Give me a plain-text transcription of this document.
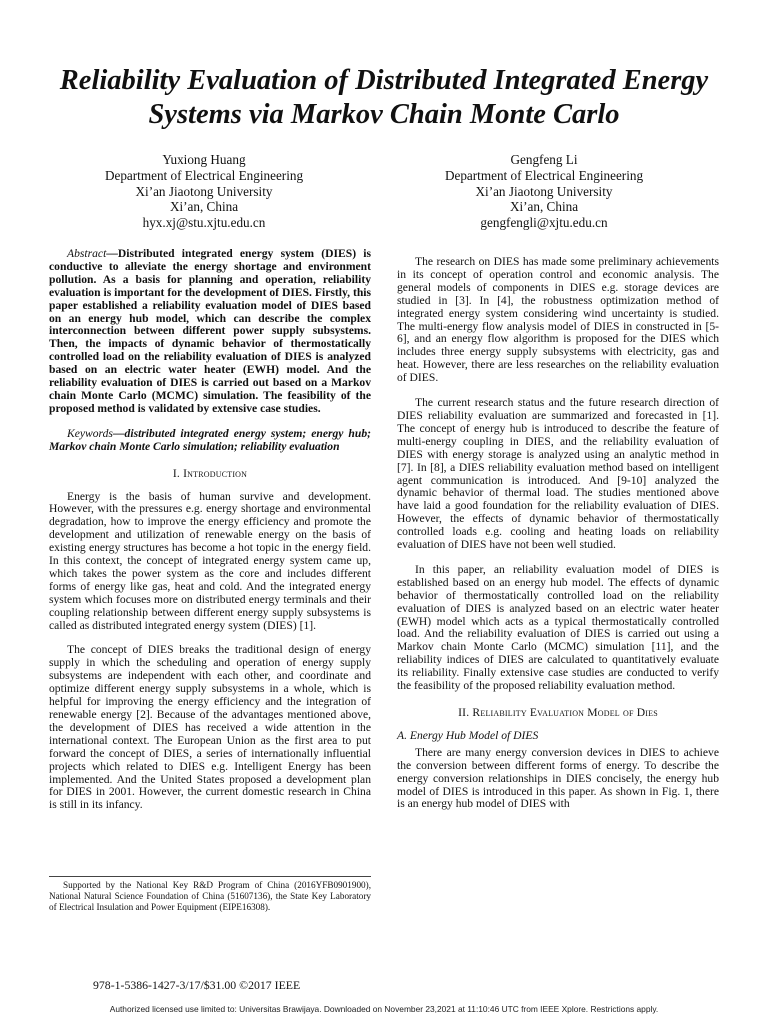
Reliability Evaluation of Distributed Integrated Energy Systems via Markov Chain Monte Carlo
Yuxiong Huang
Department of Electrical Engineering
Xi’an Jiaotong University
Xi’an, China
hyx.xj@stu.xjtu.edu.cn
Gengfeng Li
Department of Electrical Engineering
Xi’an Jiaotong University
Xi’an, China
gengfengli@xjtu.edu.cn

Abstract—Distributed integrated energy system (DIES) is conductive to alleviate the energy shortage and environment pollution. As a basis for planning and operation, reliability evaluation is important for the development of DIES. Firstly, this paper established a reliability evaluation model of DIES based on an energy hub model, which can describe the complex interconnection between different power supply subsystems. Then, the impacts of dynamic behavior of thermostatically controlled load on the reliability evaluation of DIES is analyzed based on an electric water heater (EWH) model. And the reliability evaluation of DIES is carried out based on a Markov chain Monte Carlo (MCMC) simulation. The feasibility of the proposed method is validated by extensive case studies.

Keywords—distributed integrated energy system; energy hub; Markov chain Monte Carlo simulation; reliability evaluation

I. Introduction

Energy is the basis of human survive and development. However, with the pressures e.g. energy shortage and environmental degradation, how to improve the energy efficiency and promote the development and utilization of renewable energy on the basis of existing energy structures has become a hot topic in the energy field. In this context, the concept of integrated energy system came up, which takes the power system as the core and includes different forms of energy like gas, heat and cold. And the integrated energy system which focuses more on distributed energy terminals and their coupling relationship between different energy supply subsystems is called as distributed integrated energy system (DIES) [1].

The concept of DIES breaks the traditional design of energy supply in which the scheduling and operation of energy supply subsystems are independent with each other, and coordinate and optimize different energy supply subsystems in a whole, which is helpful for improving the energy efficiency and the integration of renewable energy [2]. Because of the advantages mentioned above, the development of DIES has received a wide attention in the international context. The European Union as the first area to put forward the concept of DIES, a series of internationally influential projects which related to DIES e.g. Intelligent Energy has been implemented. And the United States proposed a development plan for DIES in 2001. However, the current domestic research in China is still in its infancy.

The research on DIES has made some preliminary achievements in its concept of operation control and economic analysis. The general models of components in DIES e.g. storage devices are studied in [3]. In [4], the robustness optimization method of integrated energy system considering wind uncertainty is studied. The multi-energy flow analysis model of DIES in constructed in [5-6], and an energy flow algorithm is proposed for the DIES which includes three energy supply subsystems with electricity, gas and heat. However, there are less researches on the reliability evaluation of DIES.

The current research status and the future research direction of DIES reliability evaluation are summarized and forecasted in [1]. The concept of energy hub is introduced to describe the feature of multi-energy coupling in DIES, and the reliability evaluation of DIES with energy storage is analyzed using an analytic method in [7]. In [8], a DIES reliability evaluation method based on intelligent agent communication is introduced. And [9-10] analyzed the dynamic behavior of thermal load. The studies mentioned above have laid a good foundation for the reliability evaluation of DIES. However, the effects of dynamic behavior of thermostatically controlled loads e.g. cooling and heating loads on reliability evaluation of DIES have not been well studied.

In this paper, an reliability evaluation model of DIES is established based on an energy hub model. The effects of dynamic behavior of thermostatically controlled load on the reliability evaluation of DIES is analyzed based on an electric water heater (EWH) model which acts as a typical thermostatically controlled load. And the reliability evaluation of DIES is carried out using a Markov chain Monte Carlo (MCMC) simulation [11], and the reliability indices of DIES are calculated to quantitatively evaluate its reliability. Finally extensive case studies are conducted to verify the feasibility of the proposed reliability evaluation method.

II. Reliability Evaluation Model of Dies

A. Energy Hub Model of DIES

There are many energy conversion devices in DIES to achieve the conversion between different forms of energy. To describe the energy conversion relationships in DIES concisely, the energy hub model of DIES is introduced in this paper. As shown in Fig. 1, there is an energy hub model of DIES with

Supported by the National Key R&D Program of China (2016YFB0901900), National Natural Science Foundation of China (51607136), the State Key Laboratory of Electrical Insulation and Power Equipment (EIPE16308).
978-1-5386-1427-3/17/$31.00 ©2017 IEEE
Authorized licensed use limited to: Universitas Brawijaya. Downloaded on November 23,2021 at 11:10:46 UTC from IEEE Xplore. Restrictions apply.
